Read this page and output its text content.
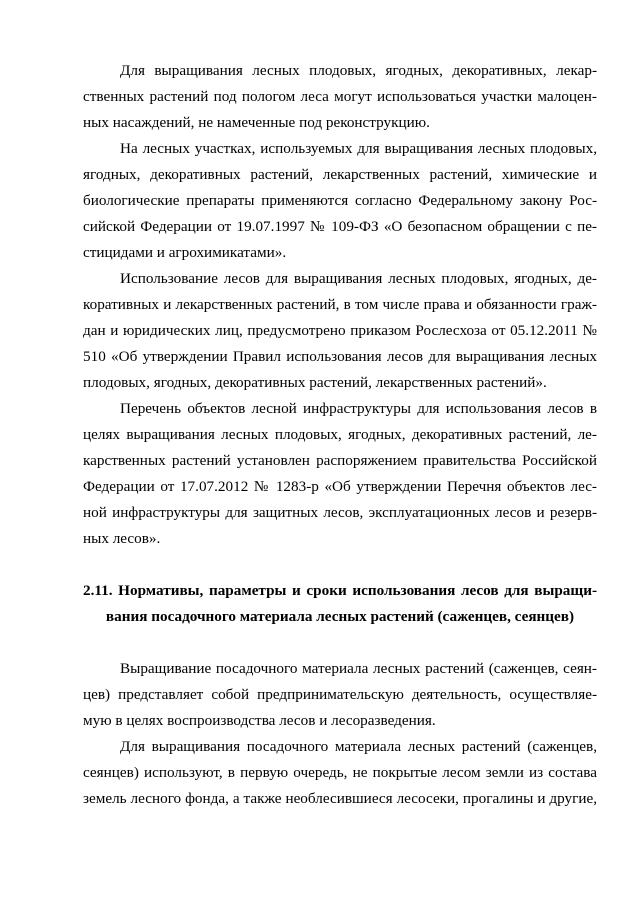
Для выращивания лесных плодовых, ягодных, декоративных, лекар-
ственных растений под пологом леса могут использоваться участки малоцен-
ных насаждений, не намеченные под реконструкцию.
На лесных участках, используемых для выращивания лесных плодовых,
ягодных, декоративных растений, лекарственных растений, химические и
биологические препараты применяются согласно Федеральному закону Рос-
сийской Федерации от 19.07.1997 № 109-ФЗ «О безопасном обращении с пе-
стицидами и агрохимикатами».
Использование лесов для выращивания лесных плодовых, ягодных, де-
коративных и лекарственных растений, в том числе права и обязанности граж-
дан и юридических лиц, предусмотрено приказом Рослесхоза от 05.12.2011 №
510 «Об утверждении Правил использования лесов для выращивания лесных
плодовых, ягодных, декоративных растений, лекарственных растений».
Перечень объектов лесной инфраструктуры для использования лесов в
целях выращивания лесных плодовых, ягодных, декоративных растений, ле-
карственных растений установлен распоряжением правительства Российской
Федерации от 17.07.2012 № 1283-р «Об утверждении Перечня объектов лес-
ной инфраструктуры для защитных лесов, эксплуатационных лесов и резерв-
ных лесов».
2.11. Нормативы, параметры и сроки использования лесов для выращи-
вания посадочного материала лесных растений (саженцев, сеянцев)
Выращивание посадочного материала лесных растений (саженцев, сеян-
цев) представляет собой предпринимательскую деятельность, осуществляе-
мую в целях воспроизводства лесов и лесоразведения.
Для выращивания посадочного материала лесных растений (саженцев,
сеянцев) используют, в первую очередь, не покрытые лесом земли из состава
земель лесного фонда, а также необлесившиеся лесосеки, прогалины и другие,
